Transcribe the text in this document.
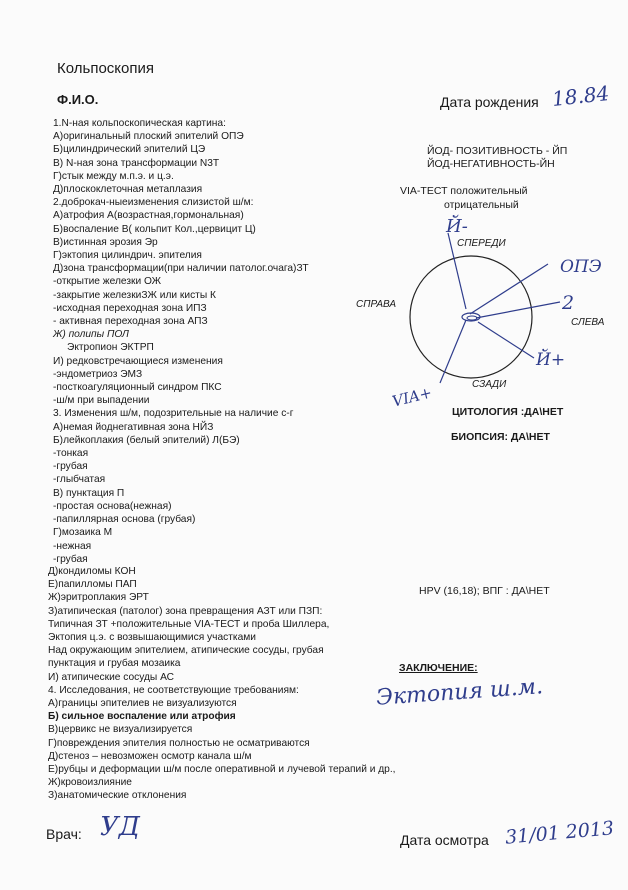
Кольпоскопия
Ф.И.О.	Дата рождения 18.84
1.N-ная кольпоскопическая картина:
А)оригинальный плоский эпителий ОПЭ
Б)цилиндрический эпителий ЦЭ
В) N-ная зона трансформации N3Т
Г)стык между м.п.э. и ц.э.
Д)плоскоклеточная метаплазия
2.доброкач-ныеизменения слизистой ш/м:
А)атрофия А(возрастная,гормональная)
Б)воспаление В( кольпит Кол.,цервицит Ц)
В)истинная эрозия Эр
Г)эктопия цилиндрич. эпителия
Д)зона трансформации(при наличии патолог.очага)ЗТ
-открытие железки ОЖ
-закрытие железкиЗЖ или кисты К
-исходная переходная зона ИПЗ
- активная переходная зона АПЗ
Ж) полипы ПОЛ
Эктропион ЭКТРП
И) редковстречающиеся изменения
-эндометриоз ЭМЗ
-посткоагуляционный синдром ПКС
-ш/м при выпадении
3. Изменения ш/м, подозрительные на наличие с-г
А)немая йоднегативная зона НЙЗ
Б)лейкоплакия (белый эпителий) Л(БЭ)
-тонкая
-грубая
-глыбчатая
В) пунктация П
-простая основа(нежная)
-папиллярная основа (грубая)
Г)мозаика М
-нежная
-грубая
Д)кондиломы КОН
Е)папилломы ПАП
Ж)эритроплакия ЭРТ
З)атипическая (патолог) зона превращения АЗТ или ПЗП:
Типичная ЗТ +положительные VIA-ТЕСТ и проба Шиллера,
Эктопия ц.э. с возвышающимися участками
Над окружающим эпителием, атипические сосуды, грубая
пунктация и грубая мозаика
И) атипические сосуды АС
4. Исследования, не соответствующие требованиям:
А)границы эпителиев не визуализуются
Б) сильное воспаление или атрофия
В)цервикс не визуализируется
Г)повреждения эпителия полностью не осматриваются
Д)стеноз – невозможен осмотр канала ш/м
Е)рубцы и деформации ш/м после оперативной и лучевой терапий и др.,
Ж)кровоизлияние
З)анатомические отклонения
ЙОД- ПОЗИТИВНОСТЬ - ЙП
ЙОД-НЕГАТИВНОСТЬ-ЙН
VIA-ТЕСТ положительный
отрицательный
СПЕРЕДИ
СПРАВА
СЛЕВА
СЗАДИ
Й-
ОПЭ
2
Й+
VIA+
ЦИТОЛОГИЯ :ДА\НЕТ
БИОПСИЯ: ДА\НЕТ
HPV (16,18); ВПГ : ДА\НЕТ
ЗАКЛЮЧЕНИЕ:
Эктопия ш.м.
Врач: УД	Дата осмотра 31/01 2013
